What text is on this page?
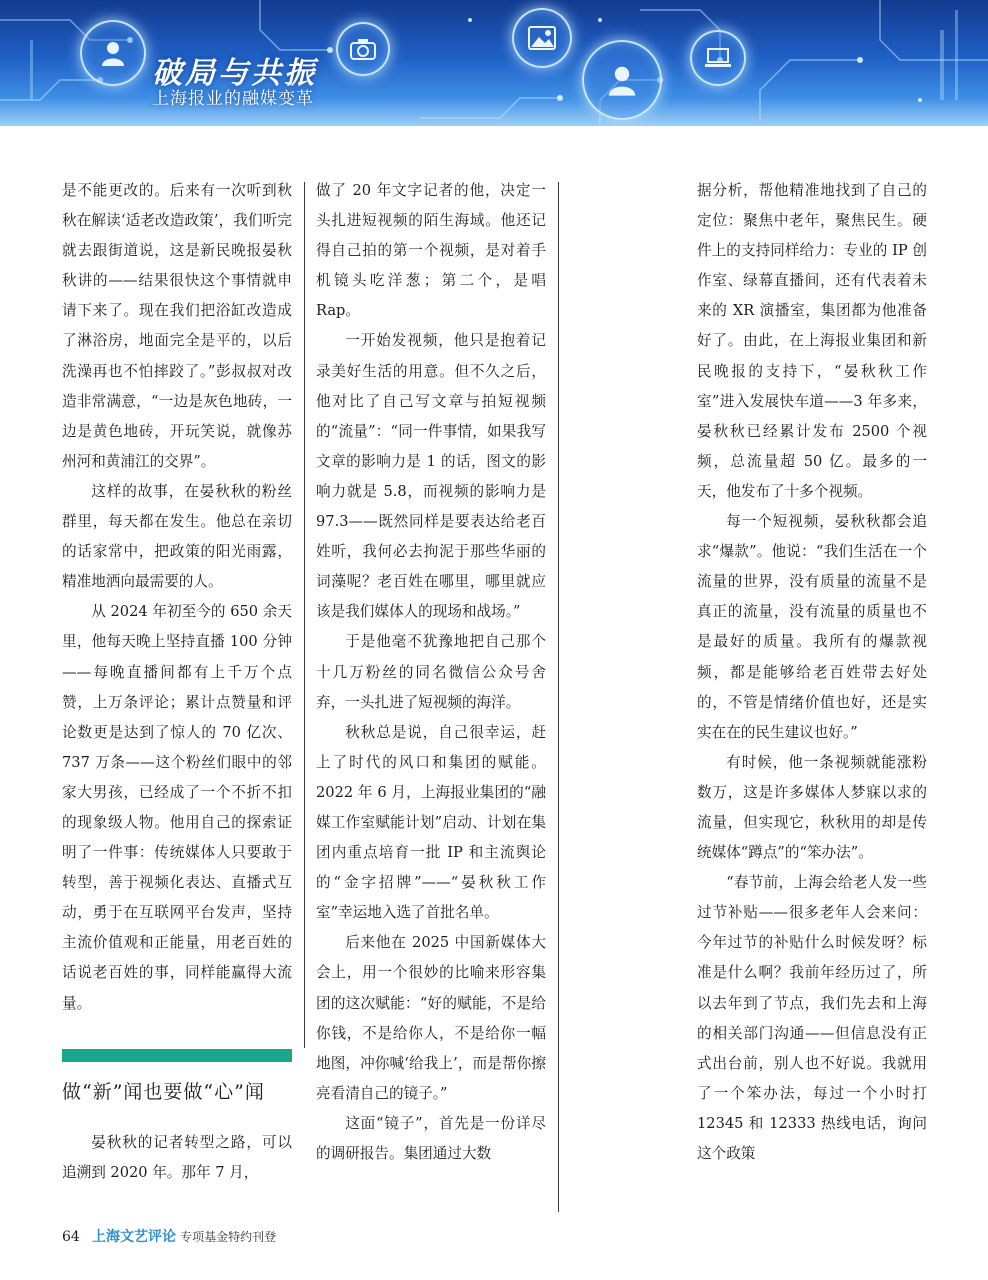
破局与共振
上海报业的融媒变革

是不能更改的。后来有一次听到秋秋在解读‘适老改造政策’，我们听完就去跟街道说，这是新民晚报晏秋秋讲的——结果很快这个事情就申请下来了。现在我们把浴缸改造成了淋浴房，地面完全是平的，以后洗澡再也不怕摔跤了。”彭叔叔对改造非常满意，“一边是灰色地砖，一边是黄色地砖，开玩笑说，就像苏州河和黄浦江的交界”。

这样的故事，在晏秋秋的粉丝群里，每天都在发生。他总在亲切的话家常中，把政策的阳光雨露，精准地洒向最需要的人。

从 2024 年初至今的 650 余天里，他每天晚上坚持直播 100 分钟——每晚直播间都有上千万个点赞，上万条评论；累计点赞量和评论数更是达到了惊人的 70 亿次、737 万条——这个粉丝们眼中的邻家大男孩，已经成了一个不折不扣的现象级人物。他用自己的探索证明了一件事：传统媒体人只要敢于转型，善于视频化表达、直播式互动，勇于在互联网平台发声，坚持主流价值观和正能量，用老百姓的话说老百姓的事，同样能赢得大流量。

做“新”闻也要做“心”闻

晏秋秋的记者转型之路，可以追溯到 2020 年。那年 7 月，

做了 20 年文字记者的他，决定一头扎进短视频的陌生海域。他还记得自己拍的第一个视频，是对着手机镜头吃洋葱；第二个，是唱 Rap。

一开始发视频，他只是抱着记录美好生活的用意。但不久之后，他对比了自己写文章与拍短视频的“流量”：“同一件事情，如果我写文章的影响力是 1 的话，图文的影响力就是 5.8，而视频的影响力是 97.3——既然同样是要表达给老百姓听，我何必去拘泥于那些华丽的词藻呢？老百姓在哪里，哪里就应该是我们媒体人的现场和战场。”

于是他毫不犹豫地把自己那个十几万粉丝的同名微信公众号舍弃，一头扎进了短视频的海洋。

秋秋总是说，自己很幸运，赶上了时代的风口和集团的赋能。2022 年 6 月，上海报业集团的“融媒工作室赋能计划”启动、计划在集团内重点培育一批 IP 和主流舆论的“金字招牌”——“晏秋秋工作室”幸运地入选了首批名单。

后来他在 2025 中国新媒体大会上，用一个很妙的比喻来形容集团的这次赋能：“好的赋能，不是给你钱，不是给你人，不是给你一幅地图，冲你喊‘给我上’，而是帮你擦亮看清自己的镜子。”

这面“镜子”，首先是一份详尽的调研报告。集团通过大数

据分析，帮他精准地找到了自己的定位：聚焦中老年，聚焦民生。硬件上的支持同样给力：专业的 IP 创作室、绿幕直播间，还有代表着未来的 XR 演播室，集团都为他准备好了。由此，在上海报业集团和新民晚报的支持下，“晏秋秋工作室”进入发展快车道——3 年多来，晏秋秋已经累计发布 2500 个视频，总流量超 50 亿。最多的一天，他发布了十多个视频。

每一个短视频，晏秋秋都会追求“爆款”。他说：“我们生活在一个流量的世界，没有质量的流量不是真正的流量，没有流量的质量也不是最好的质量。我所有的爆款视频，都是能够给老百姓带去好处的，不管是情绪价值也好，还是实实在在的民生建议也好。”

有时候，他一条视频就能涨粉数万，这是许多媒体人梦寐以求的流量，但实现它，秋秋用的却是传统媒体“蹲点”的“笨办法”。

“春节前，上海会给老人发一些过节补贴——很多老年人会来问：今年过节的补贴什么时候发呀？标准是什么啊？我前年经历过了，所以去年到了节点，我们先去和上海的相关部门沟通——但信息没有正式出台前，别人也不好说。我就用了一个笨办法，每过一个小时打 12345 和 12333 热线电话，询问这个政策

64 上海文艺评论 专项基金特约刊登
